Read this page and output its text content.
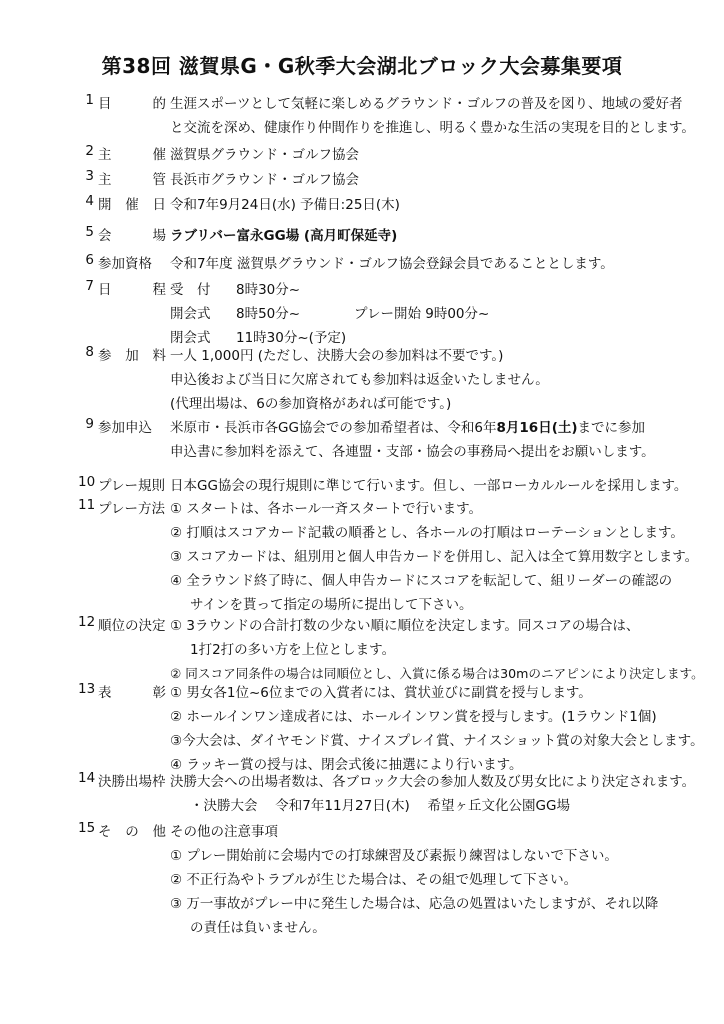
第38回 滋賀県G・G秋季大会湖北ブロック大会募集要項
1 目	的 生涯スポーツとして気軽に楽しめるグラウンド・ゴルフの普及を図り、地域の愛好者
と交流を深め、健康作り仲間作りを推進し、明るく豊かな生活の実現を目的とします。
2 主	催 滋賀県グラウンド・ゴルフ協会
3 主	管 長浜市グラウンド・ゴルフ協会
4 開 催 日 令和7年9月24日(水) 予備日:25日(木)
5 会	場 ラブリバー富永GG場 (高月町保延寺)
6 参加資格	令和7年度 滋賀県グラウンド・ゴルフ協会登録会員であることとします。
7 日	程 受　付 8時30分~
開会式 8時50分~	プレー開始 9時00分~
閉会式 11時30分~(予定)
8 参 加 料 一人 1,000円 (ただし、決勝大会の参加料は不要です。)
申込後および当日に欠席されても参加料は返金いたしません。
(代理出場は、6の参加資格があれば可能です。)
9 参加申込	米原市・長浜市各GG協会での参加希望者は、令和6年8月16日(土)までに参加
申込書に参加料を添えて、各連盟・支部・協会の事務局へ提出をお願いします。
10 プレー規則 日本GG協会の現行規則に準じて行います。但し、一部ローカルルールを採用します。
11 プレー方法 ① スタートは、各ホール一斉スタートで行います。
② 打順はスコアカード記載の順番とし、各ホールの打順はローテーションとします。
③ スコアカードは、組別用と個人申告カードを併用し、記入は全て算用数字とします。
④ 全ラウンド終了時に、個人申告カードにスコアを転記して、組リーダーの確認の
サインを貰って指定の場所に提出して下さい。
12 順位の決定 ① 3ラウンドの合計打数の少ない順に順位を決定します。同スコアの場合は、
1打2打の多い方を上位とします。
② 同スコア同条件の場合は同順位とし、入賞に係る場合は30mのニアピンにより決定します。
13 表	彰 ① 男女各1位~6位までの入賞者には、賞状並びに副賞を授与します。
② ホールインワン達成者には、ホールインワン賞を授与します。(1ラウンド1個)
③今大会は、ダイヤモンド賞、ナイスプレイ賞、ナイスショット賞の対象大会とします。
④ ラッキー賞の授与は、閉会式後に抽選により行います。
14 決勝出場枠 決勝大会への出場者数は、各ブロック大会の参加人数及び男女比により決定されます。
・決勝大会　 令和7年11月27日(木)　 希望ヶ丘文化公園GG場
15 そ の 他 その他の注意事項
① プレー開始前に会場内での打球練習及び素振り練習はしないで下さい。
② 不正行為やトラブルが生じた場合は、その組で処理して下さい。
③ 万一事故がプレー中に発生した場合は、応急の処置はいたしますが、それ以降
の責任は負いません。
